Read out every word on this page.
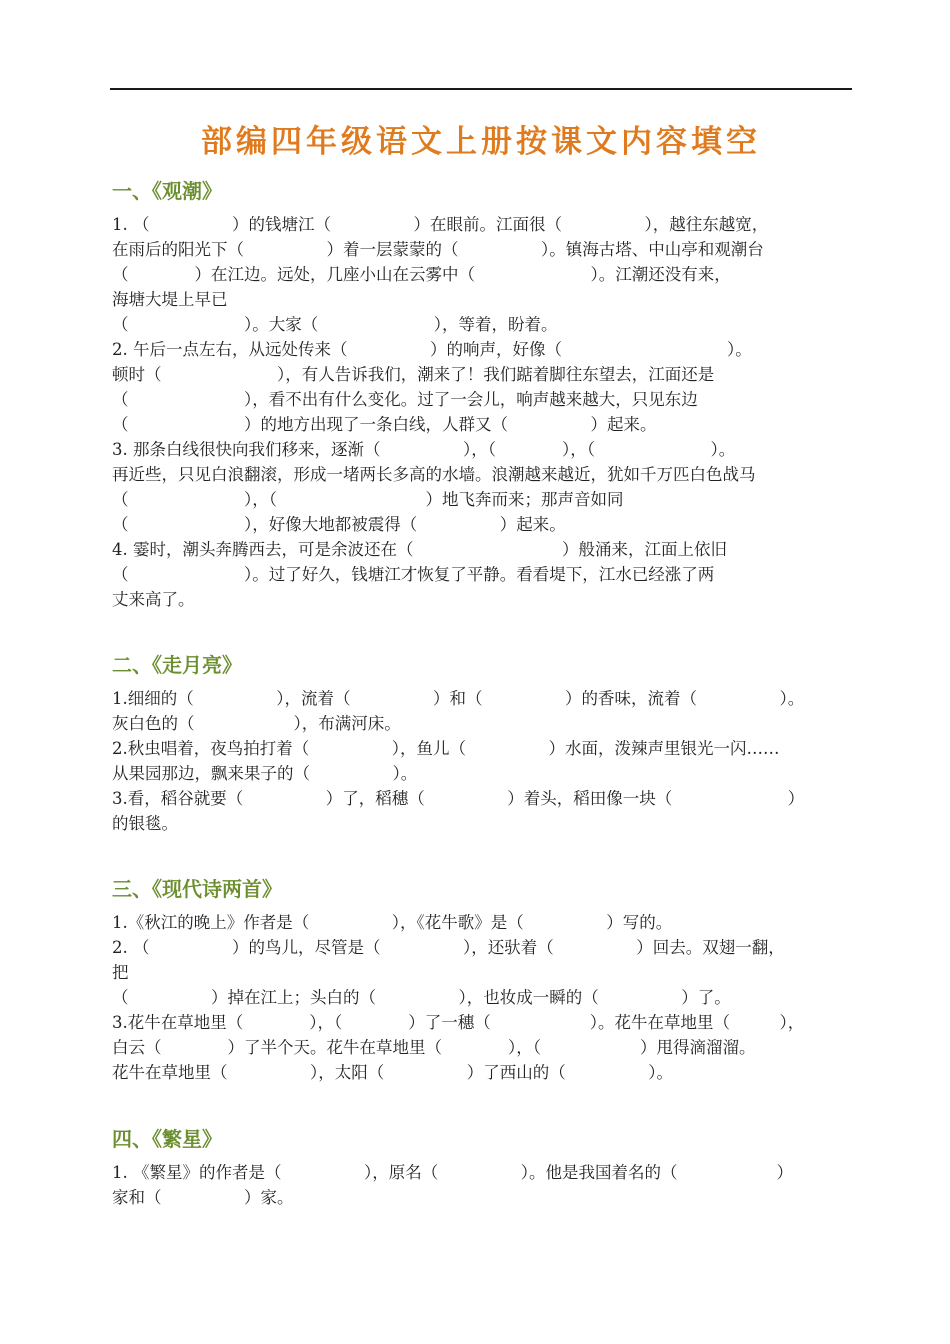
部编四年级语文上册按课文内容填空
一、《观潮》
1. （　　　　　）的钱塘江（　　　　　）在眼前。江面很（　　　　　），越往东越宽，
在雨后的阳光下（　　　　　）着一层蒙蒙的（　　　　　）。镇海古塔、中山亭和观潮台
（　　　　）在江边。远处，几座小山在云雾中（　　　　　　　）。江潮还没有来，
海塘大堤上早已
（　　　　　　　）。大家（　　　　　　　），等着，盼着。
2. 午后一点左右，从远处传来（　　　　　）的响声，好像（　　　　　　　　　　）。
顿时（　　　　　　　），有人告诉我们，潮来了！我们踮着脚往东望去，江面还是
（　　　　　　　），看不出有什么变化。过了一会儿，响声越来越大，只见东边
（　　　　　　　）的地方出现了一条白线，人群又（　　　　　）起来。
3. 那条白线很快向我们移来，逐渐（　　　　　），（　　　　），（　　　　　　　）。
再近些，只见白浪翻滚，形成一堵两长多高的水墙。浪潮越来越近，犹如千万匹白色战马
（　　　　　　　），（　　　　　　　　　）地飞奔而来；那声音如同
（　　　　　　　），好像大地都被震得（　　　　　）起来。
4. 霎时，潮头奔腾西去，可是余波还在（　　　　　　　　　）般涌来，江面上依旧
（　　　　　　　）。过了好久，钱塘江才恢复了平静。看看堤下，江水已经涨了两
丈来高了。
二、《走月亮》
1.细细的（　　　　　），流着（　　　　　）和（　　　　　）的香味，流着（　　　　　）。
灰白色的（　　　　　　），布满河床。
2.秋虫唱着，夜鸟拍打着（　　　　　），鱼儿（　　　　　）水面，泼辣声里银光一闪……
从果园那边，飘来果子的（　　　　　）。
3.看，稻谷就要（　　　　　）了，稻穗（　　　　　）着头，稻田像一块（　　　　　　　）
的银毯。
三、《现代诗两首》
1.《秋江的晚上》作者是（　　　　　），《花牛歌》是（　　　　　）写的。
2. （　　　　　）的鸟儿，尽管是（　　　　　），还驮着（　　　　　）回去。双翅一翻，
把
（　　　　　）掉在江上；头白的（　　　　　），也妆成一瞬的（　　　　　）了。
3.花牛在草地里（　　　　），（　　　　）了一穗（　　　　　　）。花牛在草地里（　　　），
白云（　　　　）了半个天。花牛在草地里（　　　　），（　　　　　　）甩得滴溜溜。
花牛在草地里（　　　　　），太阳（　　　　　）了西山的（　　　　　）。
四、《繁星》
1. 《繁星》的作者是（　　　　　），原名（　　　　　）。他是我国着名的（　　　　　　）
家和（　　　　　）家。
